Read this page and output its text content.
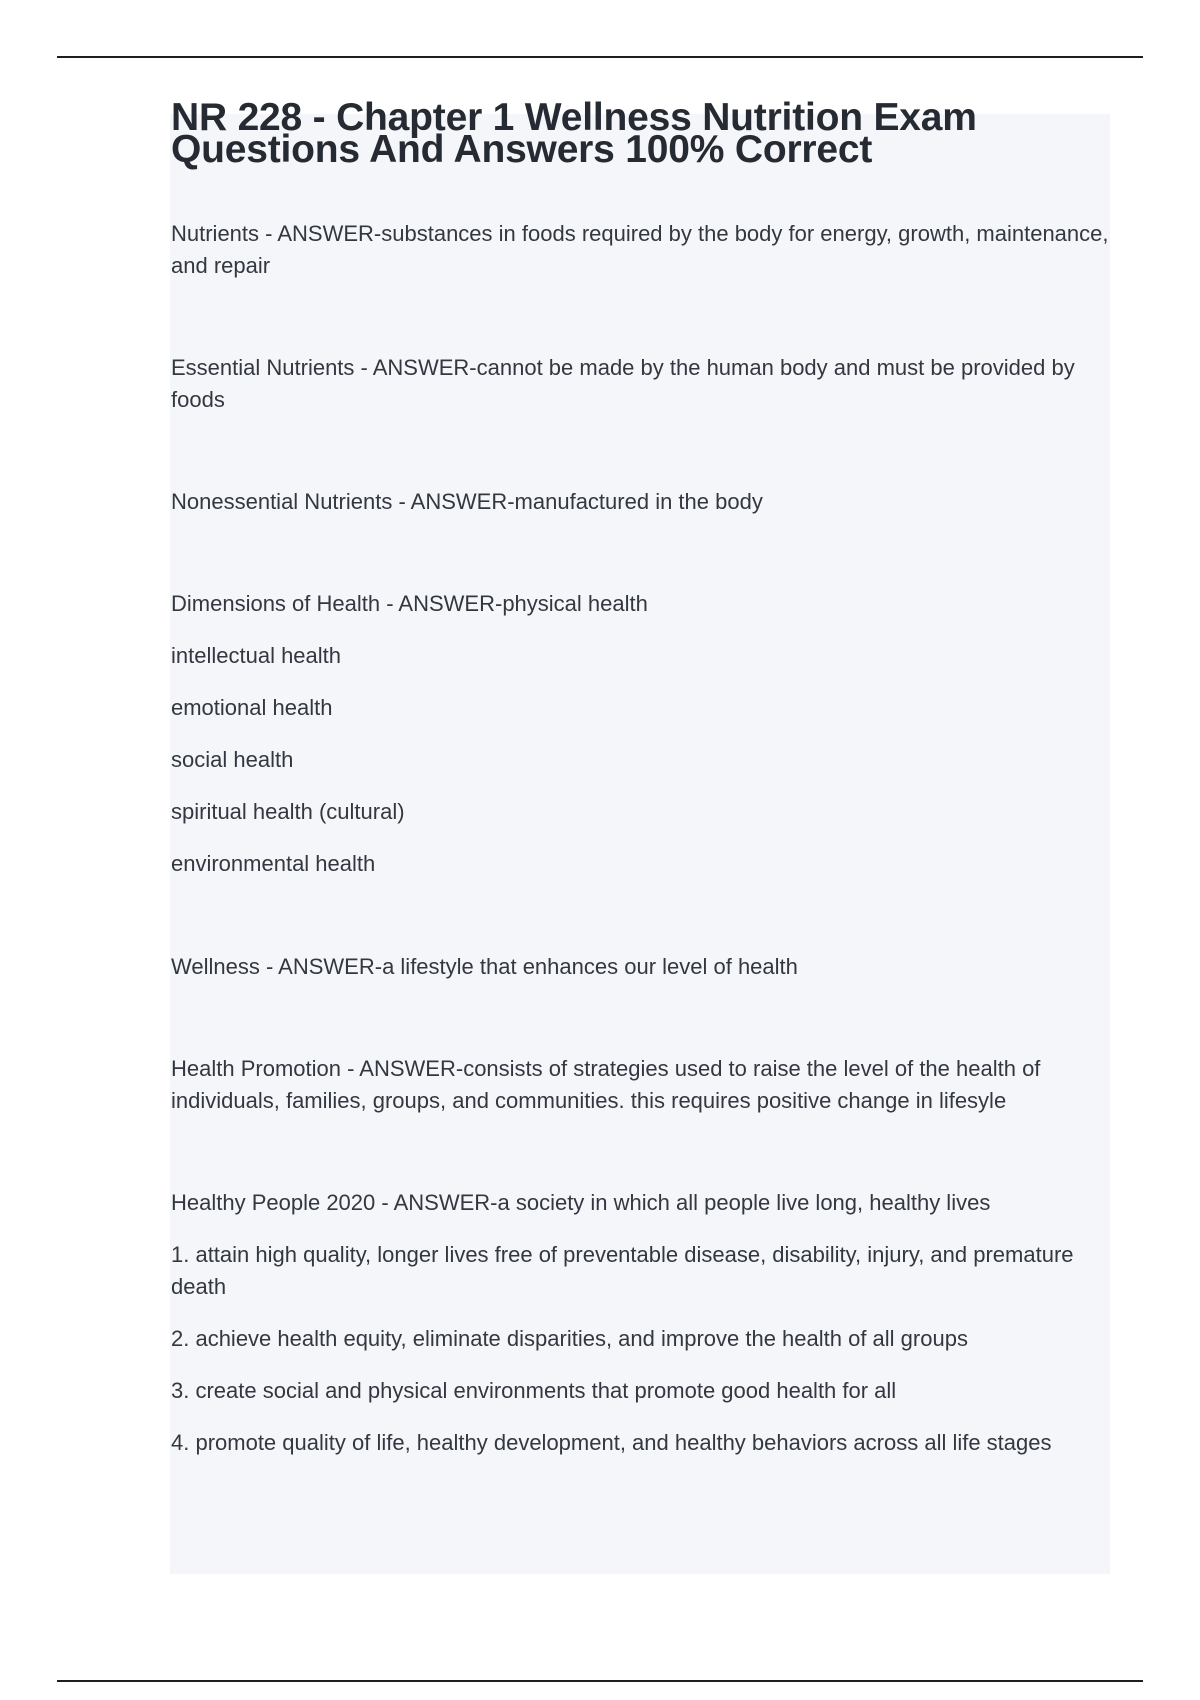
NR 228 - Chapter 1 Wellness Nutrition Exam Questions And Answers 100% Correct
Nutrients - ANSWER-substances in foods required by the body for energy, growth, maintenance, and repair
Essential Nutrients - ANSWER-cannot be made by the human body and must be provided by foods
Nonessential Nutrients - ANSWER-manufactured in the body
Dimensions of Health - ANSWER-physical health
intellectual health
emotional health
social health
spiritual health (cultural)
environmental health
Wellness - ANSWER-a lifestyle that enhances our level of health
Health Promotion - ANSWER-consists of strategies used to raise the level of the health of individuals, families, groups, and communities. this requires positive change in lifesyle
Healthy People 2020 - ANSWER-a society in which all people live long, healthy lives
1. attain high quality, longer lives free of preventable disease, disability, injury, and premature death
2. achieve health equity, eliminate disparities, and improve the health of all groups
3. create social and physical environments that promote good health for all
4. promote quality of life, healthy development, and healthy behaviors across all life stages
